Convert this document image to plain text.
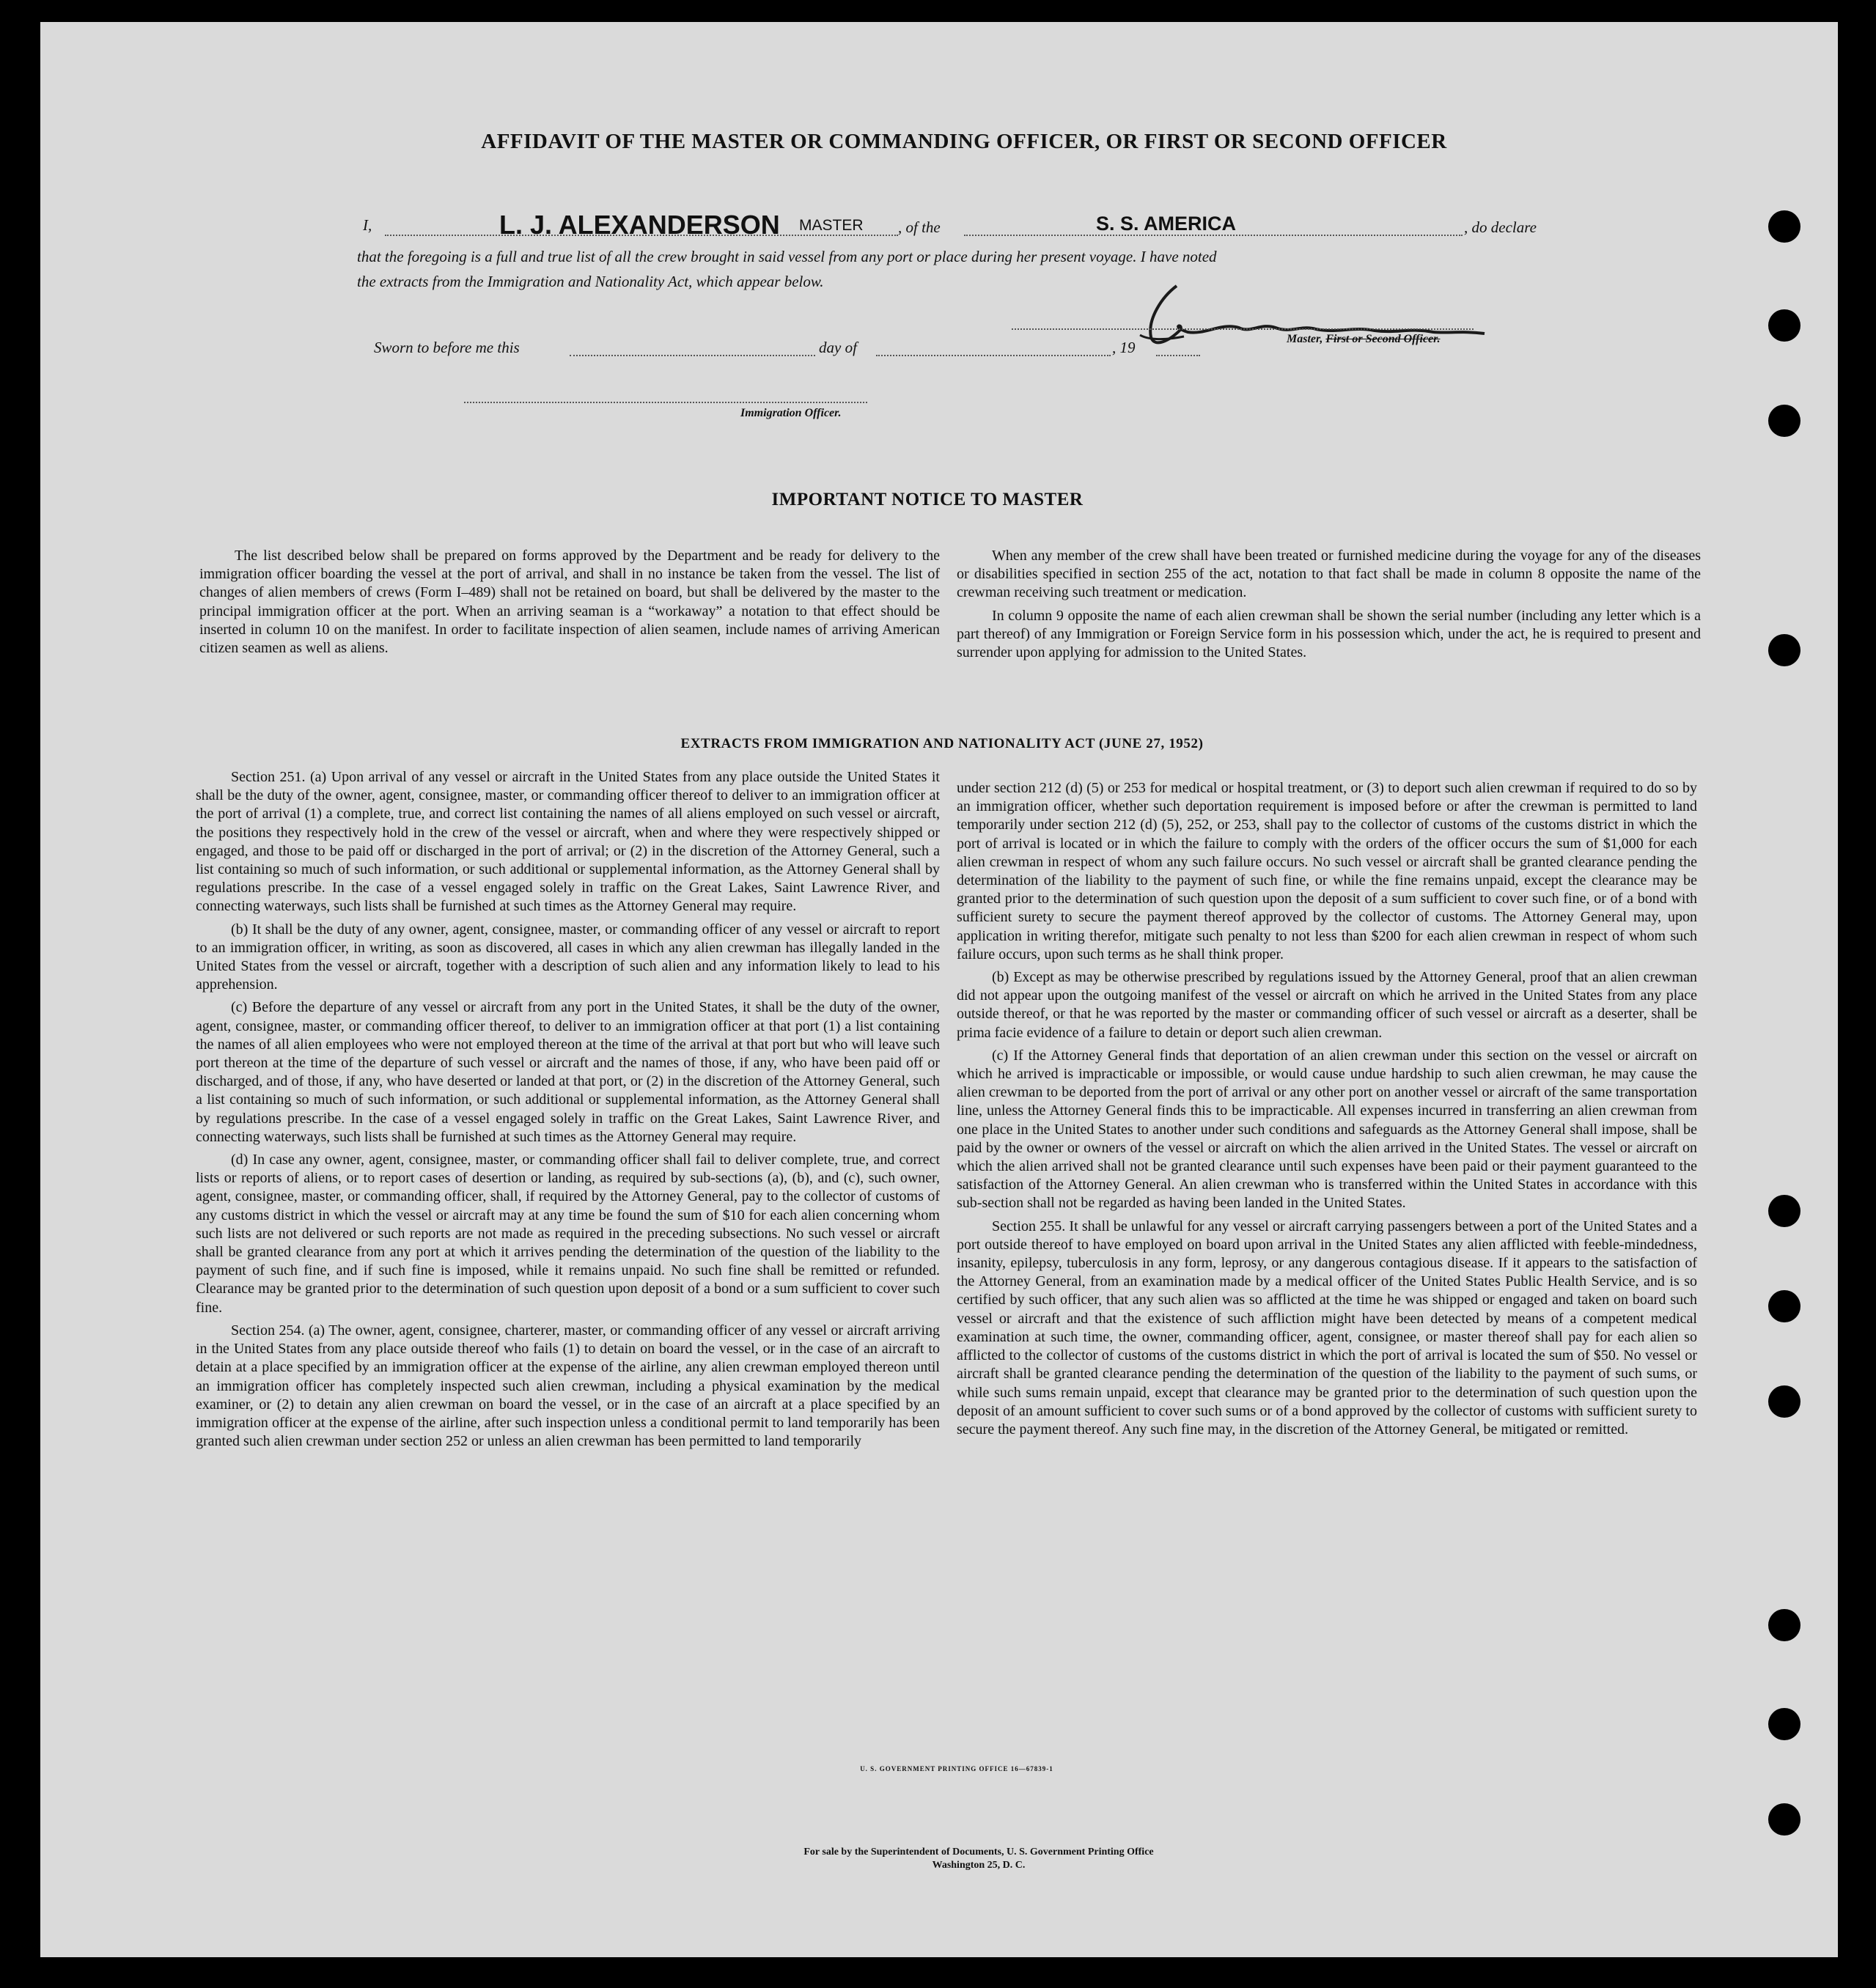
AFFIDAVIT OF THE MASTER OR COMMANDING OFFICER, OR FIRST OR SECOND OFFICER
I,	L. J. ALEXANDERSON MASTER , of the	S. S. AMERICA	, do declare
that the foregoing is a full and true list of all the crew brought in said vessel from any port or place during her present voyage. I have noted
the extracts from the Immigration and Nationality Act, which appear below.
Master, First or Second Officer.
Sworn to before me this	day of	, 19
Immigration Officer.
IMPORTANT NOTICE TO MASTER

The list described below shall be prepared on forms approved by the Department and be ready for delivery to the immigration officer boarding the vessel at the port of arrival, and shall in no instance be taken from the vessel. The list of changes of alien members of crews (Form I–489) shall not be retained on board, but shall be delivered by the master to the principal immigration officer at the port. When an arriving seaman is a “workaway” a notation to that effect should be inserted in column 10 on the manifest. In order to facilitate inspection of alien seamen, include names of arriving American citizen seamen as well as aliens.

When any member of the crew shall have been treated or furnished medicine during the voyage for any of the diseases or disabilities specified in section 255 of the act, notation to that fact shall be made in column 8 opposite the name of the crewman receiving such treatment or medication.

In column 9 opposite the name of each alien crewman shall be shown the serial number (including any letter which is a part thereof) of any Immigration or Foreign Service form in his possession which, under the act, he is required to present and surrender upon applying for admission to the United States.

EXTRACTS FROM IMMIGRATION AND NATIONALITY ACT (JUNE 27, 1952)

Section 251. (a) Upon arrival of any vessel or aircraft in the United States from any place outside the United States it shall be the duty of the owner, agent, consignee, master, or commanding officer thereof to deliver to an immigration officer at the port of arrival (1) a complete, true, and correct list containing the names of all aliens employed on such vessel or aircraft, the positions they respectively hold in the crew of the vessel or aircraft, when and where they were respectively shipped or engaged, and those to be paid off or discharged in the port of arrival; or (2) in the discretion of the Attorney General, such a list containing so much of such information, or such additional or supplemental information, as the Attorney General shall by regulations prescribe. In the case of a vessel engaged solely in traffic on the Great Lakes, Saint Lawrence River, and connecting waterways, such lists shall be furnished at such times as the Attorney General may require.

(b) It shall be the duty of any owner, agent, consignee, master, or commanding officer of any vessel or aircraft to report to an immigration officer, in writing, as soon as discovered, all cases in which any alien crewman has illegally landed in the United States from the vessel or aircraft, together with a description of such alien and any information likely to lead to his apprehension.

(c) Before the departure of any vessel or aircraft from any port in the United States, it shall be the duty of the owner, agent, consignee, master, or commanding officer thereof, to deliver to an immigration officer at that port (1) a list containing the names of all alien employees who were not employed thereon at the time of the arrival at that port but who will leave such port thereon at the time of the departure of such vessel or aircraft and the names of those, if any, who have been paid off or discharged, and of those, if any, who have deserted or landed at that port, or (2) in the discretion of the Attorney General, such a list containing so much of such information, or such additional or supplemental information, as the Attorney General shall by regulations prescribe. In the case of a vessel engaged solely in traffic on the Great Lakes, Saint Lawrence River, and connecting waterways, such lists shall be furnished at such times as the Attorney General may require.

(d) In case any owner, agent, consignee, master, or commanding officer shall fail to deliver complete, true, and correct lists or reports of aliens, or to report cases of desertion or landing, as required by sub-sections (a), (b), and (c), such owner, agent, consignee, master, or commanding officer, shall, if required by the Attorney General, pay to the collector of customs of any customs district in which the vessel or aircraft may at any time be found the sum of $10 for each alien concerning whom such lists are not delivered or such reports are not made as required in the preceding subsections. No such vessel or aircraft shall be granted clearance from any port at which it arrives pending the determination of the question of the liability to the payment of such fine, and if such fine is imposed, while it remains unpaid. No such fine shall be remitted or refunded. Clearance may be granted prior to the determination of such question upon deposit of a bond or a sum sufficient to cover such fine.

Section 254. (a) The owner, agent, consignee, charterer, master, or commanding officer of any vessel or aircraft arriving in the United States from any place outside thereof who fails (1) to detain on board the vessel, or in the case of an aircraft to detain at a place specified by an immigration officer at the expense of the airline, any alien crewman employed thereon until an immigration officer has completely inspected such alien crewman, including a physical examination by the medical examiner, or (2) to detain any alien crewman on board the vessel, or in the case of an aircraft at a place specified by an immigration officer at the expense of the airline, after such inspection unless a conditional permit to land temporarily has been granted such alien crewman under section 252 or unless an alien crewman has been permitted to land temporarily

under section 212 (d) (5) or 253 for medical or hospital treatment, or (3) to deport such alien crewman if required to do so by an immigration officer, whether such deportation requirement is imposed before or after the crewman is permitted to land temporarily under section 212 (d) (5), 252, or 253, shall pay to the collector of customs of the customs district in which the port of arrival is located or in which the failure to comply with the orders of the officer occurs the sum of $1,000 for each alien crewman in respect of whom any such failure occurs. No such vessel or aircraft shall be granted clearance pending the determination of the liability to the payment of such fine, or while the fine remains unpaid, except the clearance may be granted prior to the determination of such question upon the deposit of a sum sufficient to cover such fine, or of a bond with sufficient surety to secure the payment thereof approved by the collector of customs. The Attorney General may, upon application in writing therefor, mitigate such penalty to not less than $200 for each alien crewman in respect of whom such failure occurs, upon such terms as he shall think proper.

(b) Except as may be otherwise prescribed by regulations issued by the Attorney General, proof that an alien crewman did not appear upon the outgoing manifest of the vessel or aircraft on which he arrived in the United States from any place outside thereof, or that he was reported by the master or commanding officer of such vessel or aircraft as a deserter, shall be prima facie evidence of a failure to detain or deport such alien crewman.

(c) If the Attorney General finds that deportation of an alien crewman under this section on the vessel or aircraft on which he arrived is impracticable or impossible, or would cause undue hardship to such alien crewman, he may cause the alien crewman to be deported from the port of arrival or any other port on another vessel or aircraft of the same transportation line, unless the Attorney General finds this to be impracticable. All expenses incurred in transferring an alien crewman from one place in the United States to another under such conditions and safeguards as the Attorney General shall impose, shall be paid by the owner or owners of the vessel or aircraft on which the alien arrived in the United States. The vessel or aircraft on which the alien arrived shall not be granted clearance until such expenses have been paid or their payment guaranteed to the satisfaction of the Attorney General. An alien crewman who is transferred within the United States in accordance with this sub-section shall not be regarded as having been landed in the United States.

Section 255. It shall be unlawful for any vessel or aircraft carrying passengers between a port of the United States and a port outside thereof to have employed on board upon arrival in the United States any alien afflicted with feeble-mindedness, insanity, epilepsy, tuberculosis in any form, leprosy, or any dangerous contagious disease. If it appears to the satisfaction of the Attorney General, from an examination made by a medical officer of the United States Public Health Service, and is so certified by such officer, that any such alien was so afflicted at the time he was shipped or engaged and taken on board such vessel or aircraft and that the existence of such affliction might have been detected by means of a competent medical examination at such time, the owner, commanding officer, agent, consignee, or master thereof shall pay for each alien so afflicted to the collector of customs of the customs district in which the port of arrival is located the sum of $50. No vessel or aircraft shall be granted clearance pending the determination of the question of the liability to the payment of such sums, or while such sums remain unpaid, except that clearance may be granted prior to the determination of such question upon the deposit of an amount sufficient to cover such sums or of a bond approved by the collector of customs with sufficient surety to secure the payment thereof. Any such fine may, in the discretion of the Attorney General, be mitigated or remitted.

U. S. GOVERNMENT PRINTING OFFICE 16—67839-1
For sale by the Superintendent of Documents, U. S. Government Printing Office
Washington 25, D. C.
